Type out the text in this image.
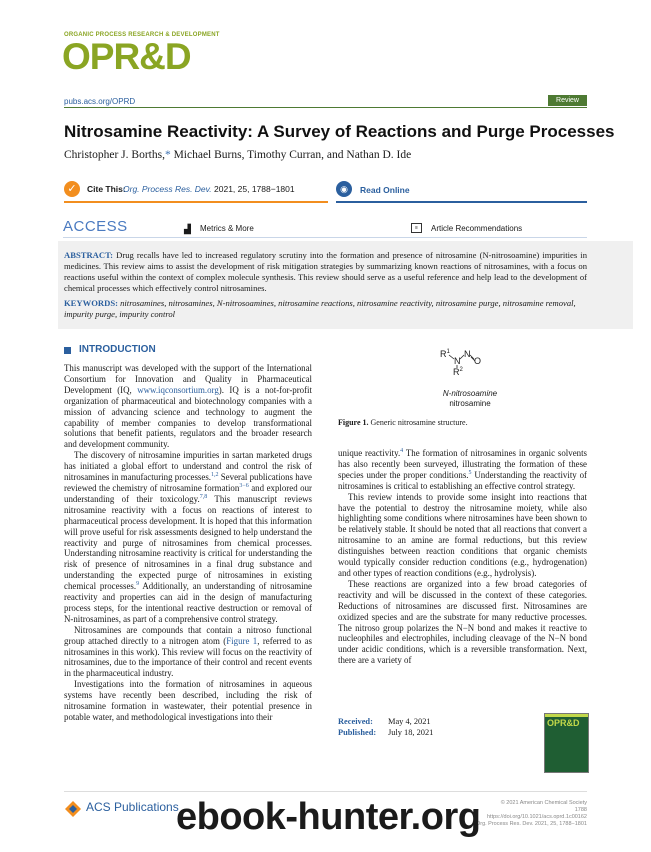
ORGANIC PROCESS RESEARCH & DEVELOPMENT
OPR&D
pubs.acs.org/OPRD	Review
Nitrosamine Reactivity: A Survey of Reactions and Purge Processes
Christopher J. Borths,* Michael Burns, Timothy Curran, and Nathan D. Ide
✓	Cite This:
Org. Process Res. Dev. 2021, 25, 1788−1801	◉	Read Online
ACCESS	▟ Metrics & More	≡	Article Recommendations
ABSTRACT: Drug recalls have led to increased regulatory scrutiny into the formation and presence of nitrosamine (N-nitrosoamine) impurities in medicines. This review aims to assist the development of risk mitigation strategies by summarizing known reactions of nitrosamines, with a focus on reactions useful within the context of complex molecule synthesis. This review should serve as a useful reference and help lead to the development of chemical processes which effectively control nitrosamines.
KEYWORDS: nitrosamines, nitrosamines, N-nitrosoamines, nitrosamine reactions, nitrosamine reactivity, nitrosamine purge, nitrosamine removal, impurity purge, impurity control
INTRODUCTION

This manuscript was developed with the support of the International Consortium for Innovation and Quality in Pharmaceutical Development (IQ, www.iqconsortium.org). IQ is a not-for-profit organization of pharmaceutical and biotechnology companies with a mission of advancing science and technology to augment the capability of member companies to develop transformational solutions that benefit patients, regulators and the broader research and development community.

The discovery of nitrosamine impurities in sartan marketed drugs has initiated a global effort to understand and control the risk of nitrosamines in manufacturing processes.$^{1,2}$ Several publications have reviewed the chemistry of nitrosamine formation$^{3-6}$ and explored our understanding of their toxicology.$^{7,8}$ This manuscript reviews nitrosamine reactivity with a focus on reactions of interest to pharmaceutical process development. It is hoped that this information will prove useful for risk assessments designed to help understand the reactivity and purge of nitrosamines from chemical processes. Understanding nitrosamine reactivity is critical for understanding the risk of presence of nitrosamines in a final drug substance and understanding the expected purge of nitrosamines in existing chemical processes.$^9$ Additionally, an understanding of nitrosamine reactivity and properties can aid in the design of manufacturing process steps, for the intentional reactive destruction or removal of N-nitrosamines, as part of a comprehensive control strategy.

Nitrosamines are compounds that contain a nitroso functional group attached directly to a nitrogen atom (Figure 1, referred to as nitrosamines in this work). This review will focus on the reactivity of nitrosamines, due to the importance of their control and recent events in the pharmaceutical industry.

Investigations into the formation of nitrosamines in aqueous systems have recently been described, including the risk of nitrosamine formation in wastewater, their potential presence in potable water, and methodological investigations into their

$R^1$
N
N
O
$R^2$
N-nitrosoamine
nitrosamine
Figure 1. Generic nitrosamine structure.

unique reactivity.$^4$ The formation of nitrosamines in organic solvents has also recently been surveyed, illustrating the formation of these species under the proper conditions.$^5$ Understanding the reactivity of nitrosamines is critical to establishing an effective control strategy.

This review intends to provide some insight into reactions that have the potential to destroy the nitrosamine moiety, while also highlighting some conditions where nitrosamines have been shown to be relatively stable. It should be noted that all reactions that convert a nitrosamine to an amine are formal reductions, but this review distinguishes between reaction conditions that organic chemists would typically consider reduction conditions (e.g., hydrogenation) and other types of reaction conditions (e.g., hydrolysis).

These reactions are organized into a few broad categories of reactivity and will be discussed in the context of these categories. Reductions of nitrosamines are discussed first. Nitrosamines are oxidized species and are the substrate for many reductive processes. The nitroso group polarizes the N−N bond and makes it reactive to nucleophiles and electrophiles, including cleavage of the N−N bond under acidic conditions, which is a reversible transformation. Next, there are a variety of

Received: May 4, 2021
Published: July 18, 2021
OPR&D
ACS Publications	© 2021 American Chemical Society
1788
https://doi.org/10.1021/acs.oprd.1c00162
Org. Process Res. Dev. 2021, 25, 1788−1801
ebook-hunter.org
